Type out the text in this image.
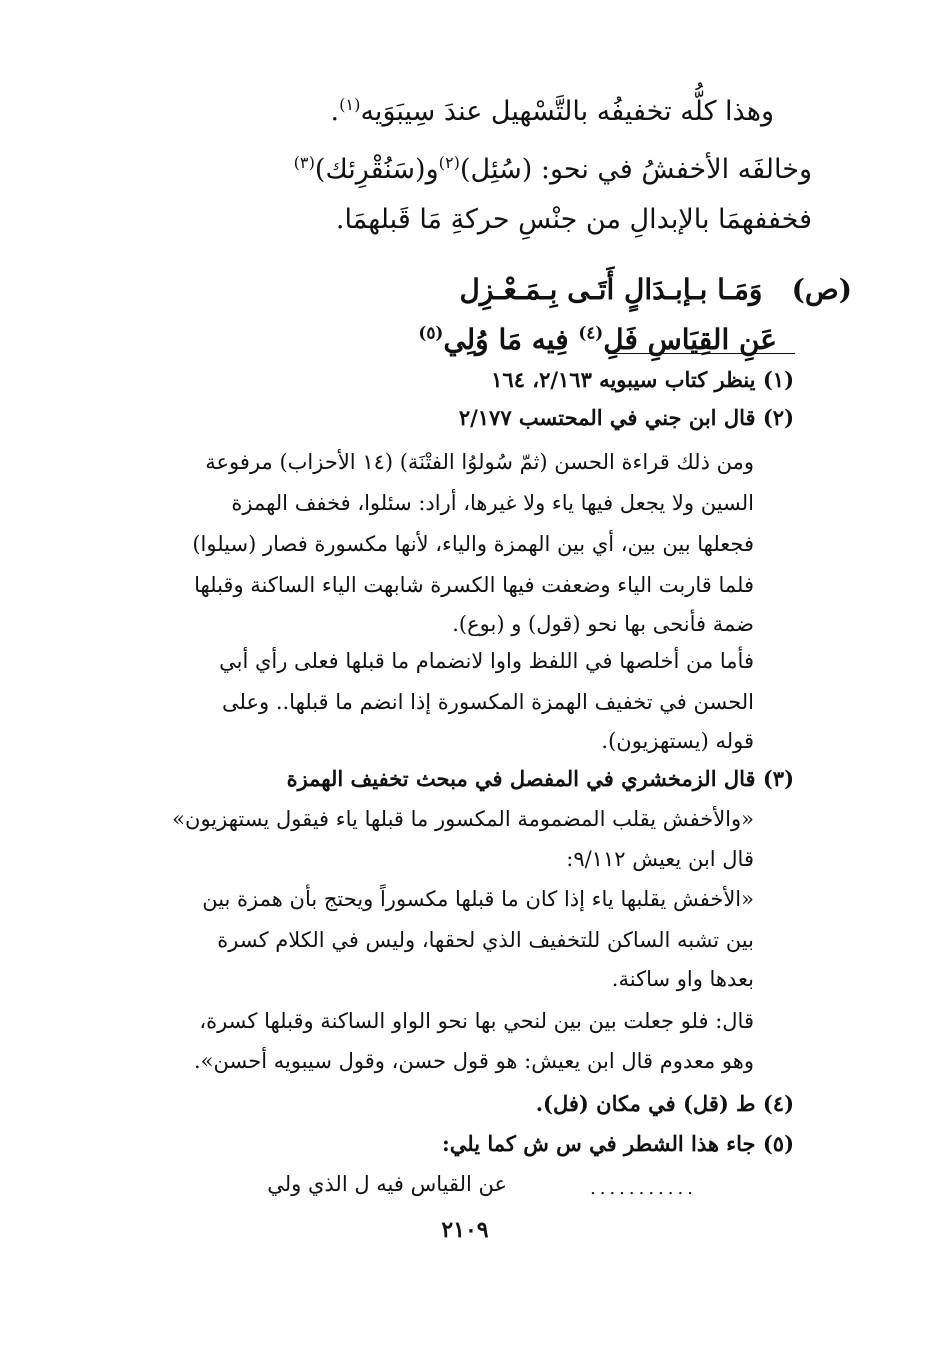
وهذا كلُّه تخفيفُه بالتَّسْهيل عندَ سِيبَوَيه$^{(١)}$.
وخالفَه الأخفشُ في نحو: (سُئِل)$^{(٢)}$و(سَنُقْرِئك)$^{(٣)}$
فخففهمَا بالإبدالِ من جنْسِ حركةِ مَا قَبلهمَا.
(ص)   وَمَـا بـإبـدَالٍ أَتَـى بِـمَـعْـزِل
عَنِ القِيَاسِ فَلِ$^{(٤)}$ فِيه مَا وُلِي$^{(٥)}$
(١) ينظر كتاب سيبويه ٢/١٦٣، ١٦٤
(٢) قال ابن جني في المحتسب ٢/١٧٧
ومن ذلك قراءة الحسن (ثمّ سُولوُا الفتْنَة) (١٤ الأحزاب) مرفوعة
السين ولا يجعل فيها ياء ولا غيرها، أراد: سئلوا، فخفف الهمزة
فجعلها بين بين، أي بين الهمزة والياء، لأنها مكسورة فصار (سيلوا)
فلما قاربت الياء وضعفت فيها الكسرة شابهت الياء الساكنة وقبلها
ضمة فأنحى بها نحو (قول) و (بوع).
فأما من أخلصها في اللفظ واوا لانضمام ما قبلها فعلى رأي أبي
الحسن في تخفيف الهمزة المكسورة إذا انضم ما قبلها.. وعلى
قوله (يستهزيون).
(٣) قال الزمخشري في المفصل في مبحث تخفيف الهمزة
«والأخفش يقلب المضمومة المكسور ما قبلها ياء فيقول يستهزيون»
قال ابن يعيش ٩/١١٢:
«الأخفش يقلبها ياء إذا كان ما قبلها مكسوراً ويحتج بأن همزة بين
بين تشبه الساكن للتخفيف الذي لحقها، وليس في الكلام كسرة
بعدها واو ساكنة.
قال: فلو جعلت بين بين لنحي بها نحو الواو الساكنة وقبلها كسرة،
وهو معدوم قال ابن يعيش: هو قول حسن، وقول سيبويه أحسن».
(٤) ط (قل) في مكان (فل).
(٥) جاء هذا الشطر في س ش كما يلي:
عن القياس فيه ل الذي ولي	...........
٢١٠٩
